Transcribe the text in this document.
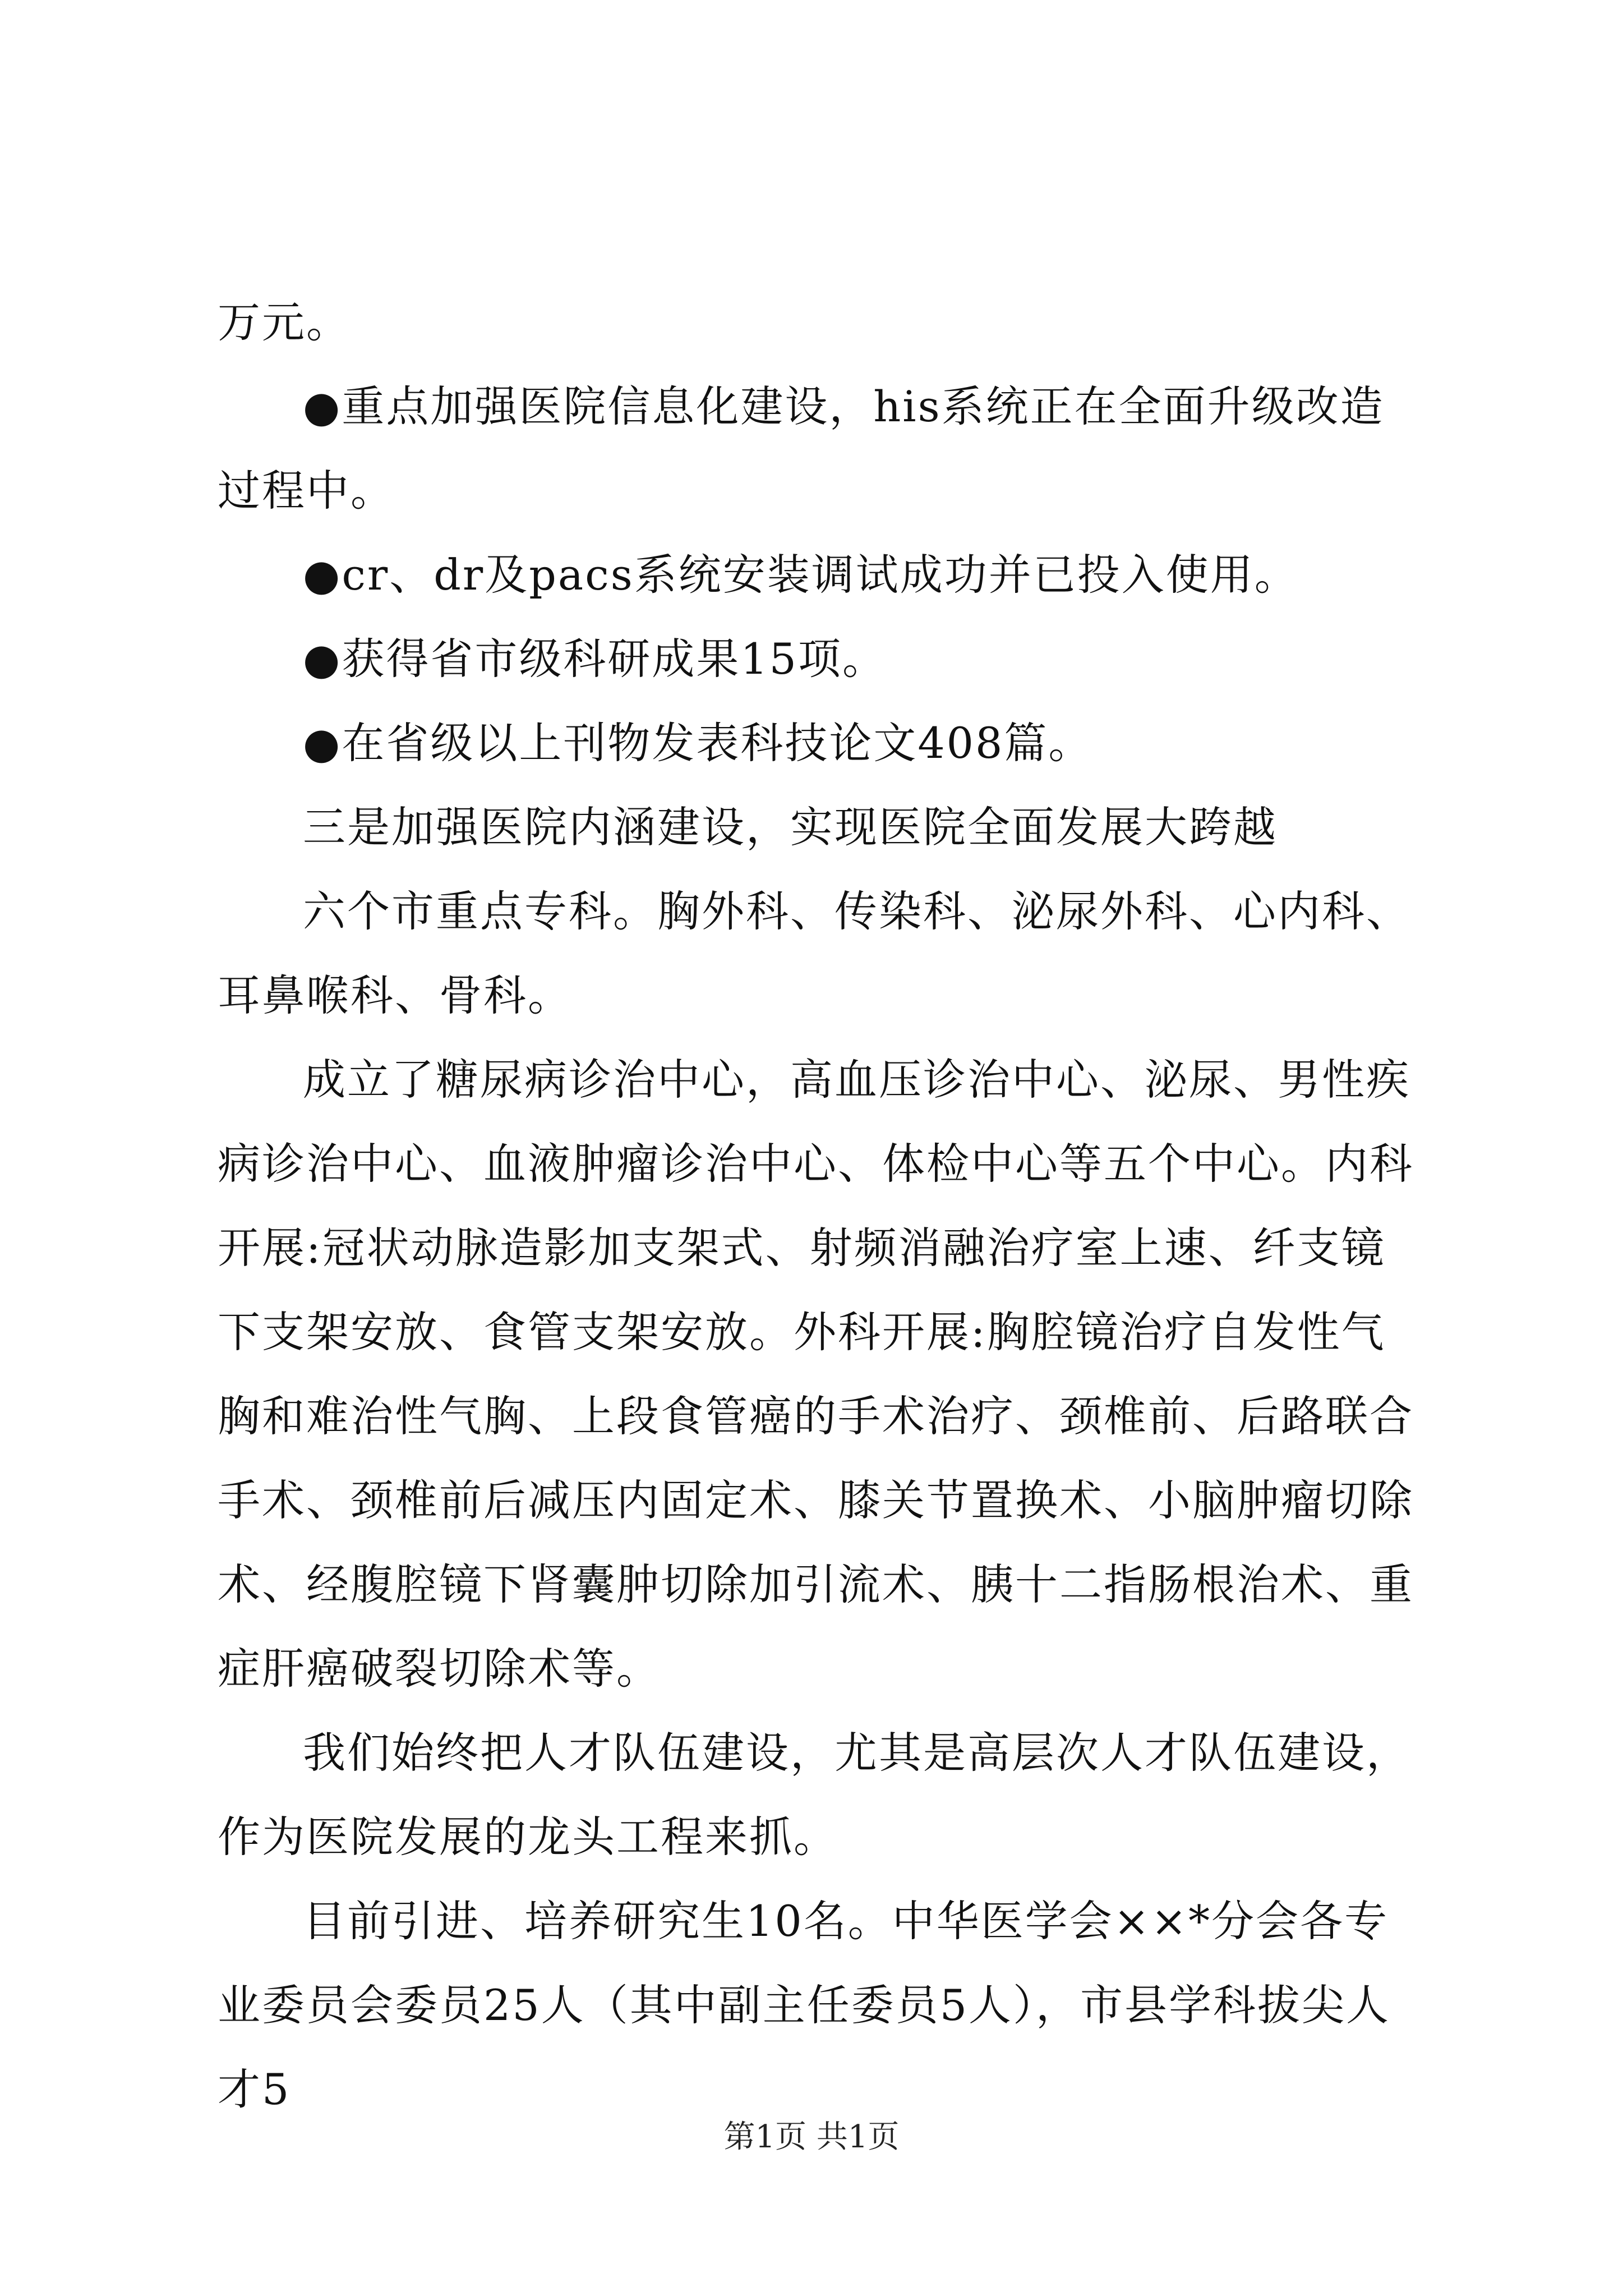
万元。

●重点加强医院信息化建设，his系统正在全面升级改造过程中。

●cr、dr及pacs系统安装调试成功并已投入使用。

●获得省市级科研成果15项。

●在省级以上刊物发表科技论文408篇。

三是加强医院内涵建设，实现医院全面发展大跨越

六个市重点专科。胸外科、传染科、泌尿外科、心内科、耳鼻喉科、骨科。

成立了糖尿病诊治中心，高血压诊治中心、泌尿、男性疾病诊治中心、血液肿瘤诊治中心、体检中心等五个中心。内科开展:冠状动脉造影加支架式、射频消融治疗室上速、纤支镜下支架安放、食管支架安放。外科开展:胸腔镜治疗自发性气胸和难治性气胸、上段食管癌的手术治疗、颈椎前、后路联合手术、颈椎前后减压内固定术、膝关节置换术、小脑肿瘤切除术、经腹腔镜下肾囊肿切除加引流术、胰十二指肠根治术、重症肝癌破裂切除术等。

我们始终把人才队伍建设，尤其是高层次人才队伍建设，作为医院发展的龙头工程来抓。

目前引进、培养研究生10名。中华医学会××*分会各专业委员会委员25人（其中副主任委员5人），市县学科拔尖人才5

第1页 共1页
